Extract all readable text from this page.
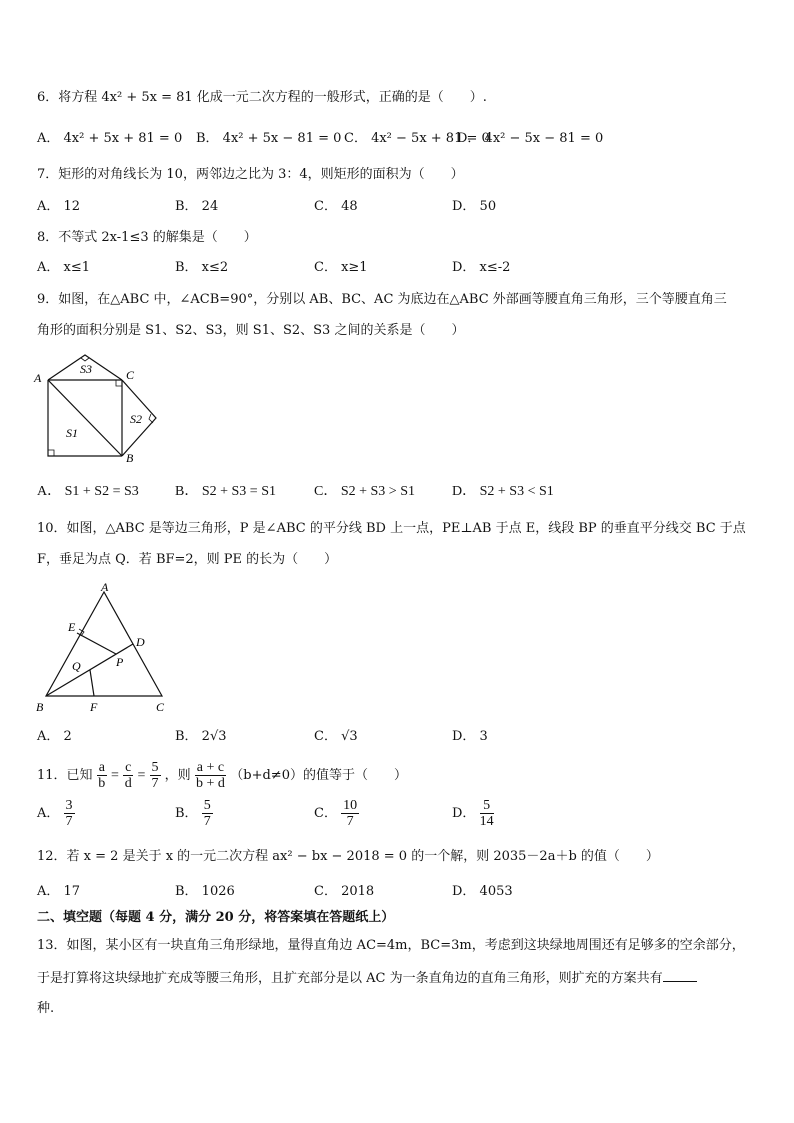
6．将方程 4x² + 5x = 81 化成一元二次方程的一般形式，正确的是（　　）.
A． 4x² + 5x + 81 = 0 B． 4x² + 5x − 81 = 0 C． 4x² − 5x + 81 = 0
D． 4x² − 5x − 81 = 0
7．矩形的对角线长为 10，两邻边之比为 3：4，则矩形的面积为（　　）
A． 12	B． 24	C． 48	D． 50
8．不等式 2x-1≤3 的解集是（　　）
A． x≤1	B． x≤2	C． x≥1	D． x≤-2
9．如图，在△ABC 中，∠ACB=90°，分别以 AB、BC、AC 为底边在△ABC 外部画等腰直角三角形，三个等腰直角三
角形的面积分别是 S1、S2、S3，则 S1、S2、S3 之间的关系是（　　）
A	C
B
S3
S2
S1
A． S1 + S2 = S3	B． S2 + S3 = S1	C． S2 + S3 > S1	D． S2 + S3 < S1
10．如图，△ABC 是等边三角形，P 是∠ABC 的平分线 BD 上一点，PE⊥AB 于点 E，线段 BP 的垂直平分线交 BC 于点
F，垂足为点 Q．若 BF=2，则 PE 的长为（　　）
A
E
D
Q	P
B	F	C
A． 2	B． 2√3	C． √3	D． 3
11．已知 $\frac{a}{b} = \frac{c}{d} = \frac{5}{7}$ ，则 $\frac{a + c}{b + d} (b+d\ne 0)$的值等于（　　）
A． $\frac{3}{7}$	B． $\frac{5}{7}$	C． $\frac{10}{7}$	D． $\frac{5}{14}$
12．若 x = 2 是关于 x 的一元二次方程 ax² − bx − 2018 = 0 的一个解，则 2035－2a＋b 的值（　　）
A． 17	B． 1026	C． 2018	D． 4053
二、填空题（每题 4 分，满分 20 分，将答案填在答题纸上）
13．如图，某小区有一块直角三角形绿地，量得直角边 AC=4m，BC=3m，考虑到这块绿地周围还有足够多的空余部分，
于是打算将这块绿地扩充成等腰三角形，且扩充部分是以 AC 为一条直角边的直角三角形，则扩充的方案共有
种.
